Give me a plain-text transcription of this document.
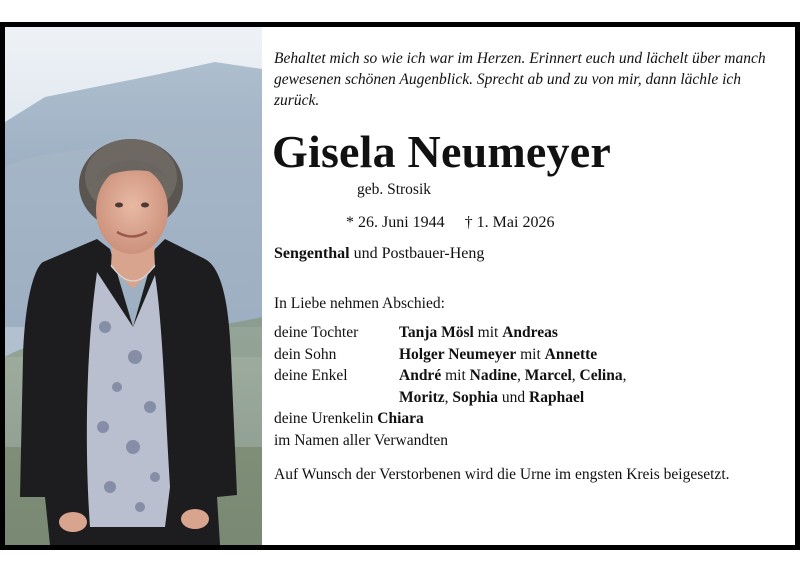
Behaltet mich so wie ich war im Herzen. Erinnert euch und lächelt über manch gewesenen schönen Augenblick. Sprecht ab und zu von mir, dann lächle ich zurück.

Gisela Neumeyer
geb. Strosik
* 26. Juni 1944 † 1. Mai 2026
Sengenthal und Postbauer-Heng
In Liebe nehmen Abschied:
deine Tochter	Tanja Mösl mit Andreas
dein Sohn	Holger Neumeyer mit Annette
deine Enkel	André mit Nadine, Marcel, Celina,
Moritz, Sophia und Raphael
deine Urenkelin Chiara
im Namen aller Verwandten
Auf Wunsch der Verstorbenen wird die Urne im engsten Kreis beigesetzt.
